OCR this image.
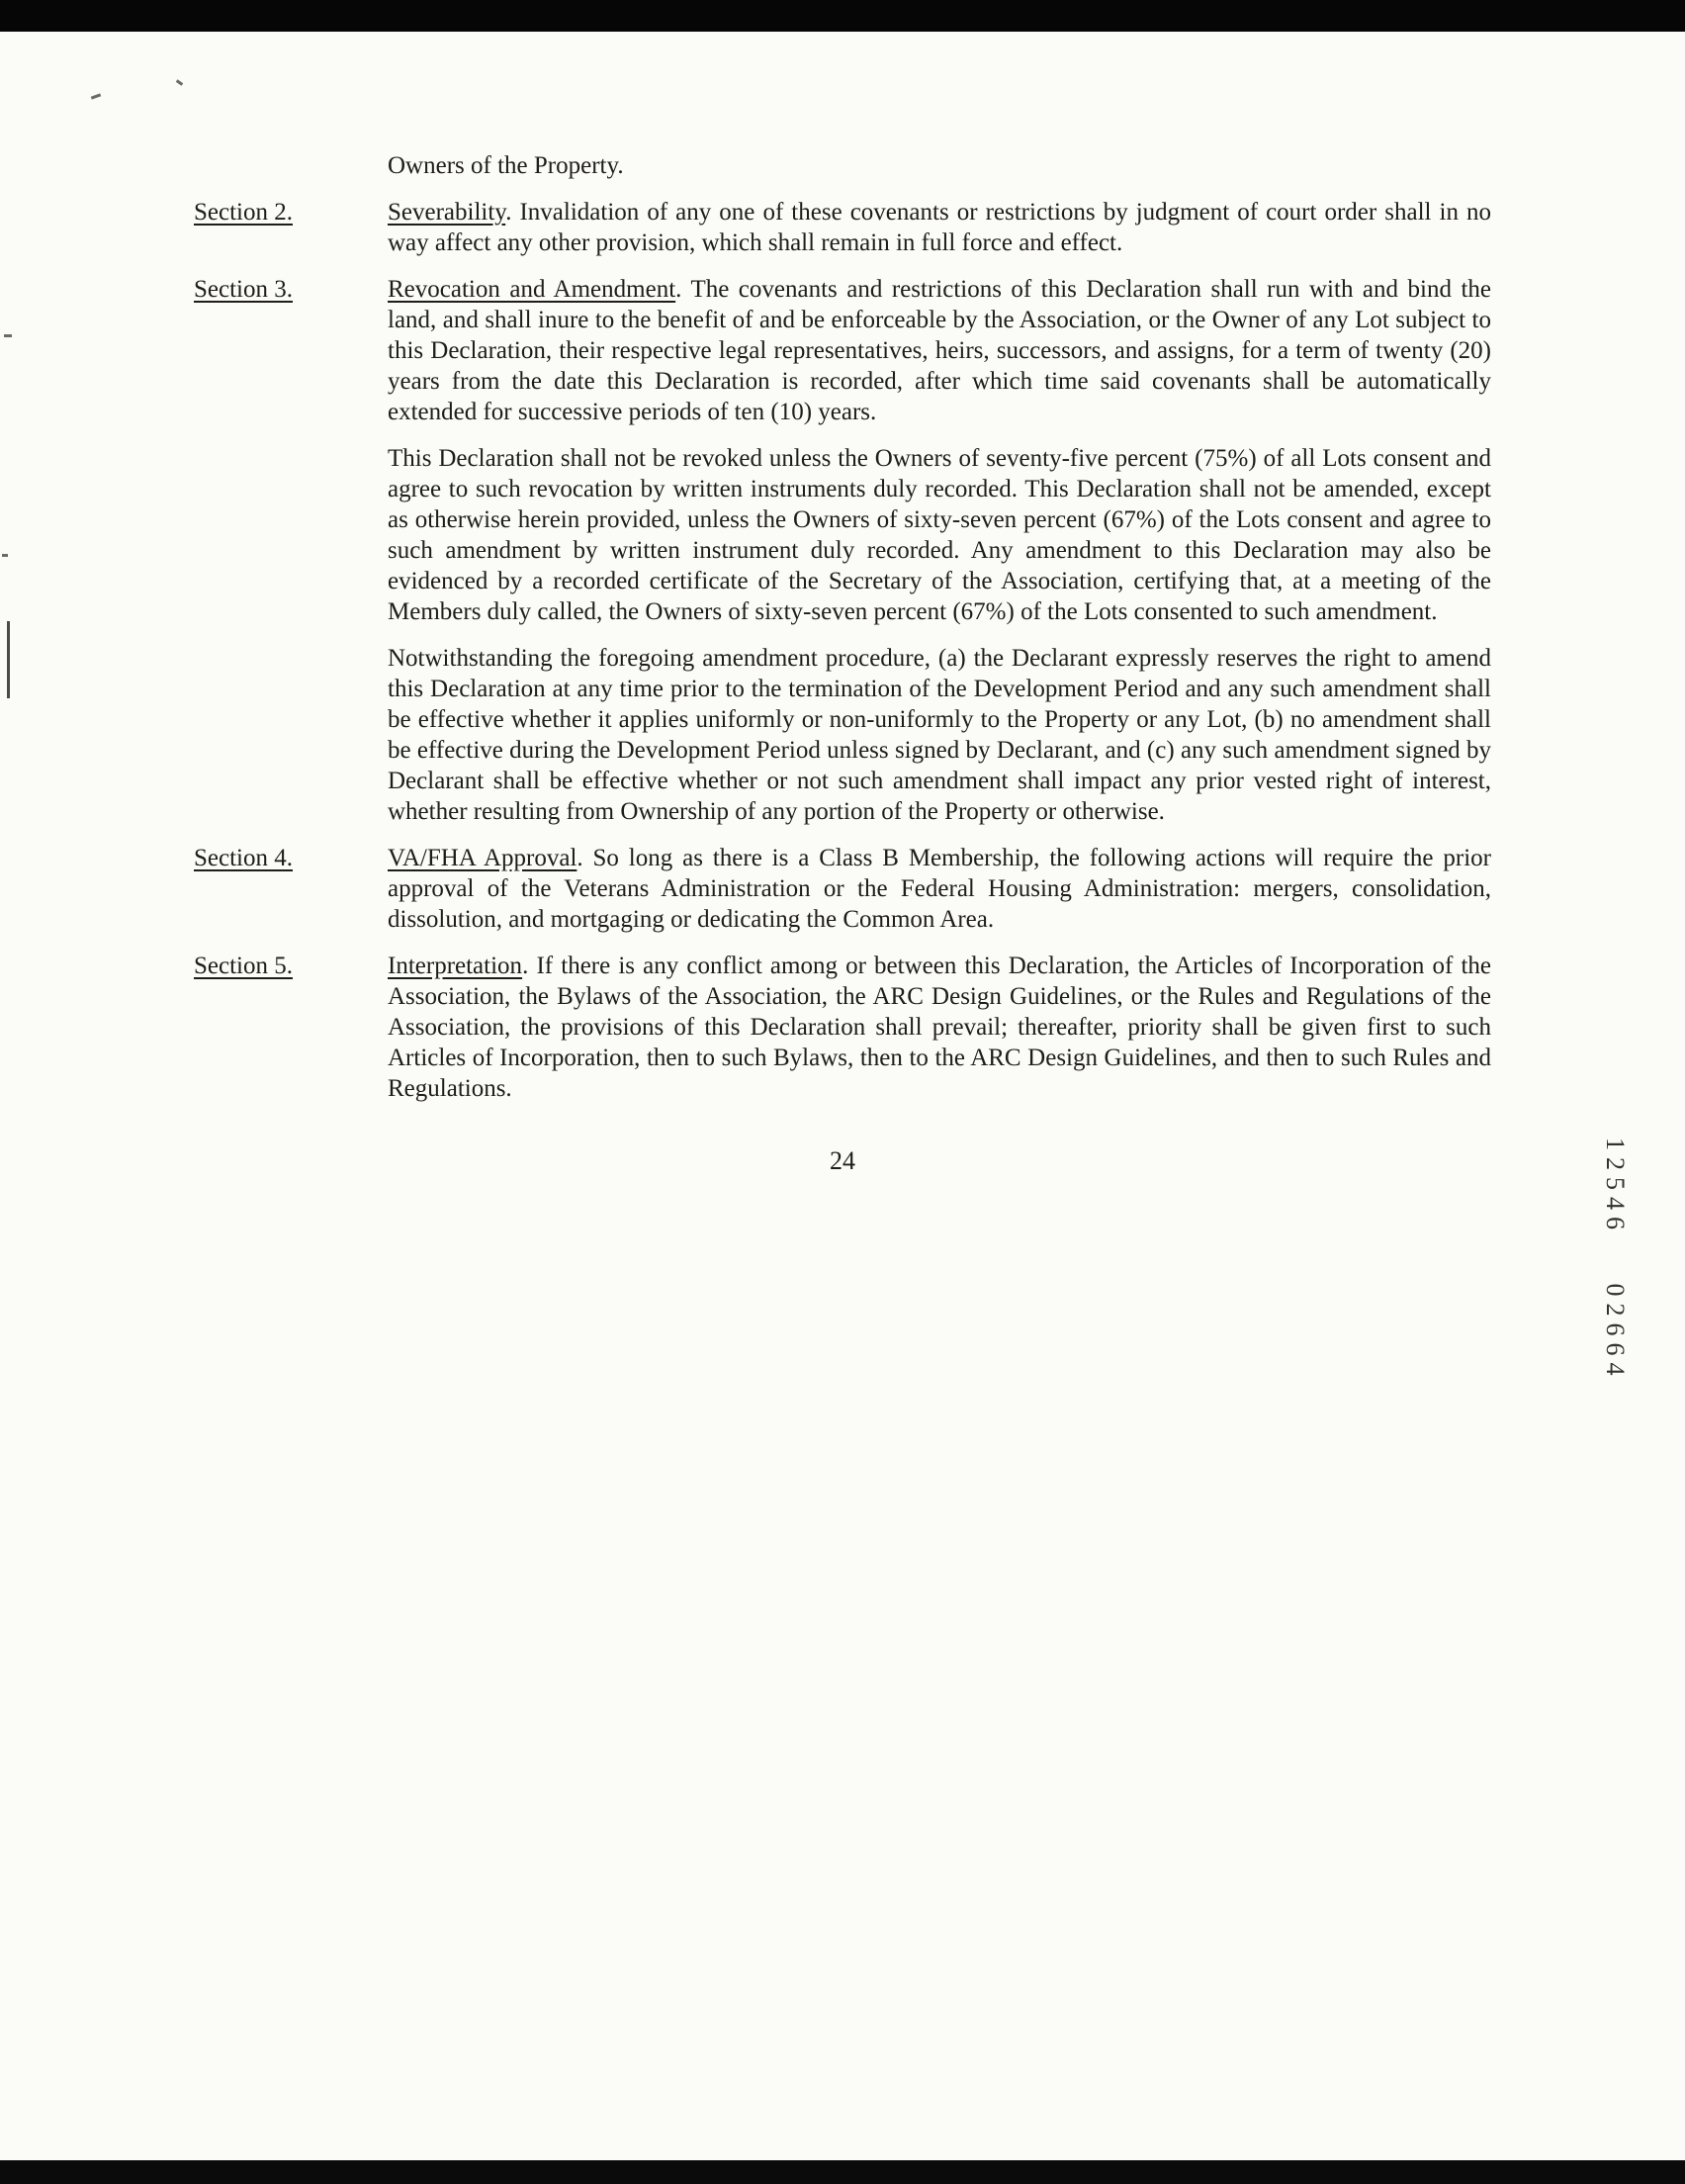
Owners of the Property.

Section 2.	Severability. Invalidation of any one of these covenants or restrictions by judgment of court order shall in no way affect any other provision, which shall remain in full force and effect.

Section 3.	Revocation and Amendment. The covenants and restrictions of this Declaration shall run with and bind the land, and shall inure to the benefit of and be enforceable by the Association, or the Owner of any Lot subject to this Declaration, their respective legal representatives, heirs, successors, and assigns, for a term of twenty (20) years from the date this Declaration is recorded, after which time said covenants shall be automatically extended for successive periods of ten (10) years.

This Declaration shall not be revoked unless the Owners of seventy-five percent (75%) of all Lots consent and agree to such revocation by written instruments duly recorded. This Declaration shall not be amended, except as otherwise herein provided, unless the Owners of sixty-seven percent (67%) of the Lots consent and agree to such amendment by written instrument duly recorded. Any amendment to this Declaration may also be evidenced by a recorded certificate of the Secretary of the Association, certifying that, at a meeting of the Members duly called, the Owners of sixty-seven percent (67%) of the Lots consented to such amendment.

Notwithstanding the foregoing amendment procedure, (a) the Declarant expressly reserves the right to amend this Declaration at any time prior to the termination of the Development Period and any such amendment shall be effective whether it applies uniformly or non-uniformly to the Property or any Lot, (b) no amendment shall be effective during the Development Period unless signed by Declarant, and (c) any such amendment signed by Declarant shall be effective whether or not such amendment shall impact any prior vested right of interest, whether resulting from Ownership of any portion of the Property or otherwise.

Section 4.	VA/FHA Approval. So long as there is a Class B Membership, the following actions will require the prior approval of the Veterans Administration or the Federal Housing Administration: mergers, consolidation, dissolution, and mortgaging or dedicating the Common Area.

Section 5.	Interpretation. If there is any conflict among or between this Declaration, the Articles of Incorporation of the Association, the Bylaws of the Association, the ARC Design Guidelines, or the Rules and Regulations of the Association, the provisions of this Declaration shall prevail; thereafter, priority shall be given first to such Articles of Incorporation, then to such Bylaws, then to the ARC Design Guidelines, and then to such Rules and Regulations.

24	12546 02664
